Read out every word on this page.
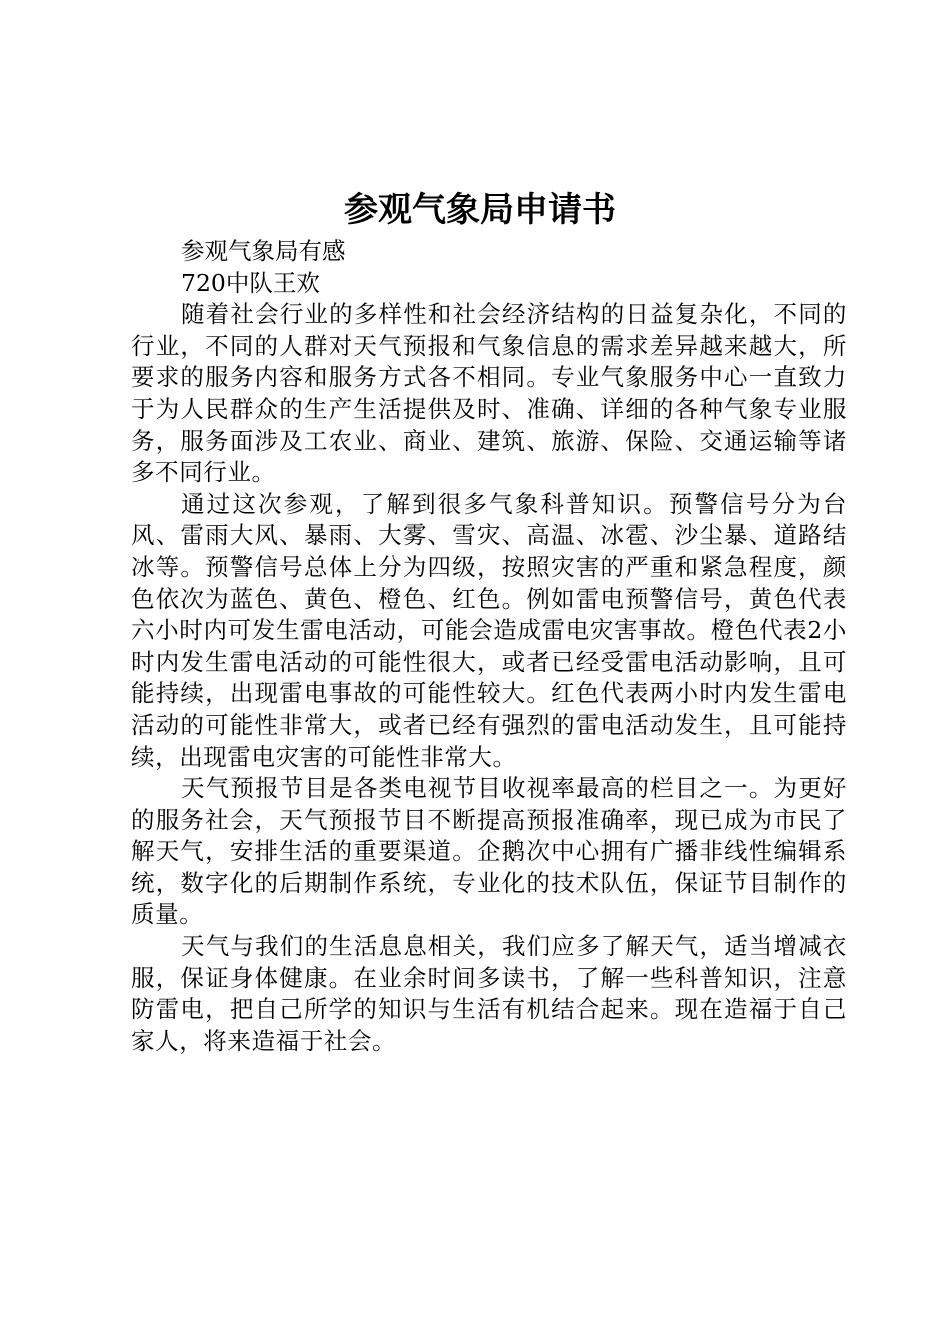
参观气象局申请书

参观气象局有感

720中队王欢

随着社会行业的多样性和社会经济结构的日益复杂化，不同的行业，不同的人群对天气预报和气象信息的需求差异越来越大，所要求的服务内容和服务方式各不相同。专业气象服务中心一直致力于为人民群众的生产生活提供及时、准确、详细的各种气象专业服务，服务面涉及工农业、商业、建筑、旅游、保险、交通运输等诸多不同行业。

通过这次参观，了解到很多气象科普知识。预警信号分为台风、雷雨大风、暴雨、大雾、雪灾、高温、冰雹、沙尘暴、道路结冰等。预警信号总体上分为四级，按照灾害的严重和紧急程度，颜色依次为蓝色、黄色、橙色、红色。例如雷电预警信号，黄色代表六小时内可发生雷电活动，可能会造成雷电灾害事故。橙色代表2小时内发生雷电活动的可能性很大，或者已经受雷电活动影响，且可能持续，出现雷电事故的可能性较大。红色代表两小时内发生雷电活动的可能性非常大，或者已经有强烈的雷电活动发生，且可能持续，出现雷电灾害的可能性非常大。

天气预报节目是各类电视节目收视率最高的栏目之一。为更好的服务社会，天气预报节目不断提高预报准确率，现已成为市民了解天气，安排生活的重要渠道。企鹅次中心拥有广播非线性编辑系统，数字化的后期制作系统，专业化的技术队伍，保证节目制作的质量。

天气与我们的生活息息相关，我们应多了解天气，适当增减衣服，保证身体健康。在业余时间多读书，了解一些科普知识，注意防雷电，把自己所学的知识与生活有机结合起来。现在造福于自己家人，将来造福于社会。
